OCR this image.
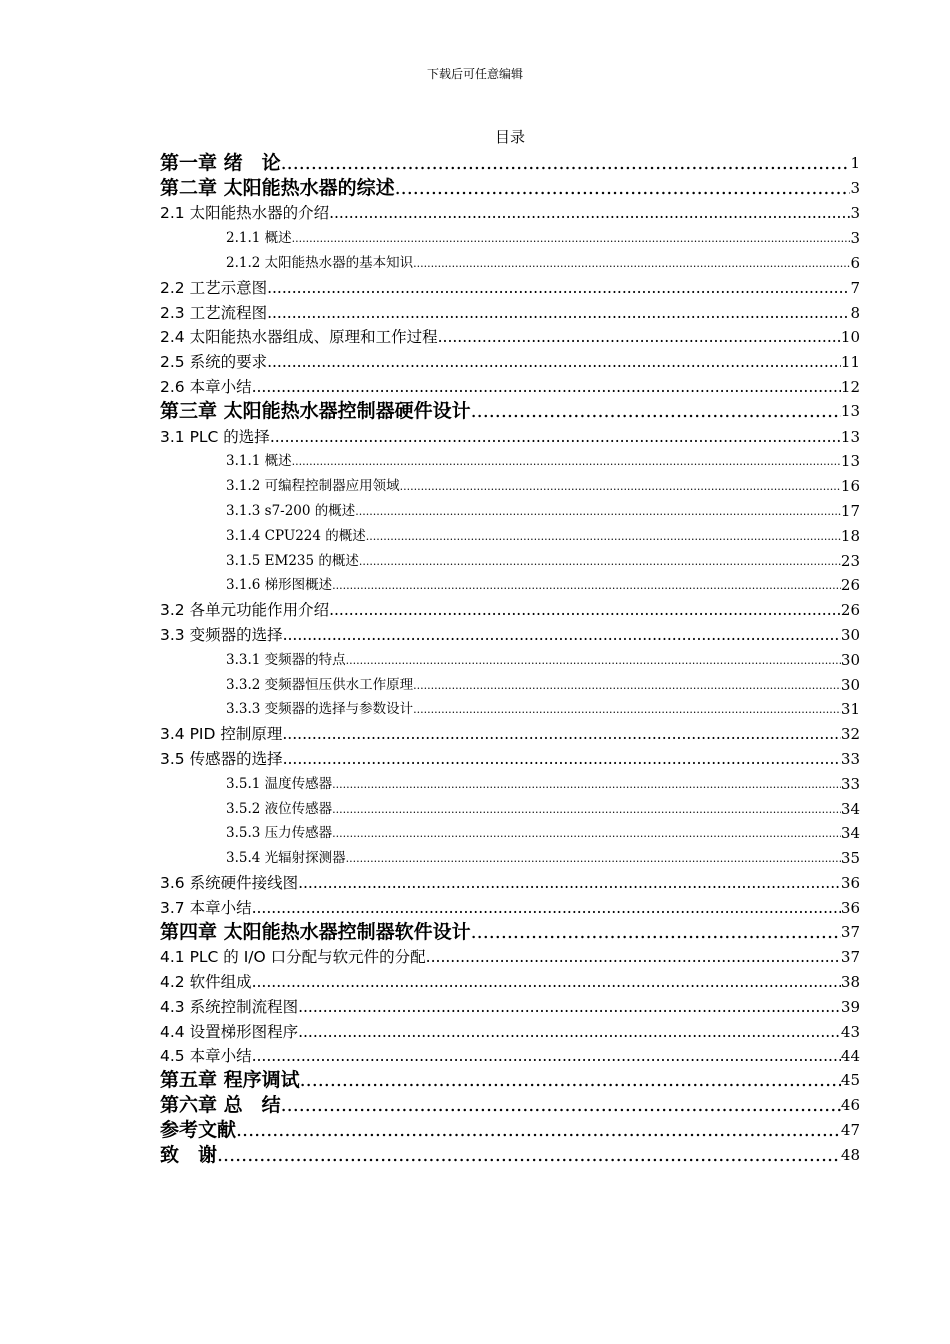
下载后可任意编辑
目录
第一章 绪　论 .....	1
第二章 太阳能热水器的综述 .....	3
2.1 太阳能热水器的介绍 .....	3
2.1.1 概述 .....	3
2.1.2 太阳能热水器的基本知识 .....	6
2.2 工艺示意图 .....	7
2.3 工艺流程图 .....	8
2.4 太阳能热水器组成、原理和工作过程 .....	10
2.5 系统的要求 .....	11
2.6 本章小结 .....	12
第三章 太阳能热水器控制器硬件设计 .....	13
3.1 PLC 的选择 .....	13
3.1.1 概述 .....	13
3.1.2 可编程控制器应用领域 .....	16
3.1.3 s7-200 的概述 .....	17
3.1.4 CPU224 的概述 .....	18
3.1.5 EM235 的概述 .....	23
3.1.6 梯形图概述 .....	26
3.2 各单元功能作用介绍 .....	26
3.3 变频器的选择 .....	30
3.3.1 变频器的特点 .....	30
3.3.2 变频器恒压供水工作原理 .....	30
3.3.3 变频器的选择与参数设计 .....	31
3.4 PID 控制原理 .....	32
3.5 传感器的选择 .....	33
3.5.1 温度传感器 .....	33
3.5.2 液位传感器 .....	34
3.5.3 压力传感器 .....	34
3.5.4 光辐射探测器 .....	35
3.6 系统硬件接线图 .....	36
3.7 本章小结 .....	36
第四章 太阳能热水器控制器软件设计 .....	37
4.1 PLC 的 I/O 口分配与软元件的分配 .....	37
4.2 软件组成 .....	38
4.3 系统控制流程图 .....	39
4.4 设置梯形图程序 .....	43
4.5 本章小结 .....	44
第五章 程序调试 .....	45
第六章 总　结 .....	46
参考文献 .....	47
致　谢 .....	48
